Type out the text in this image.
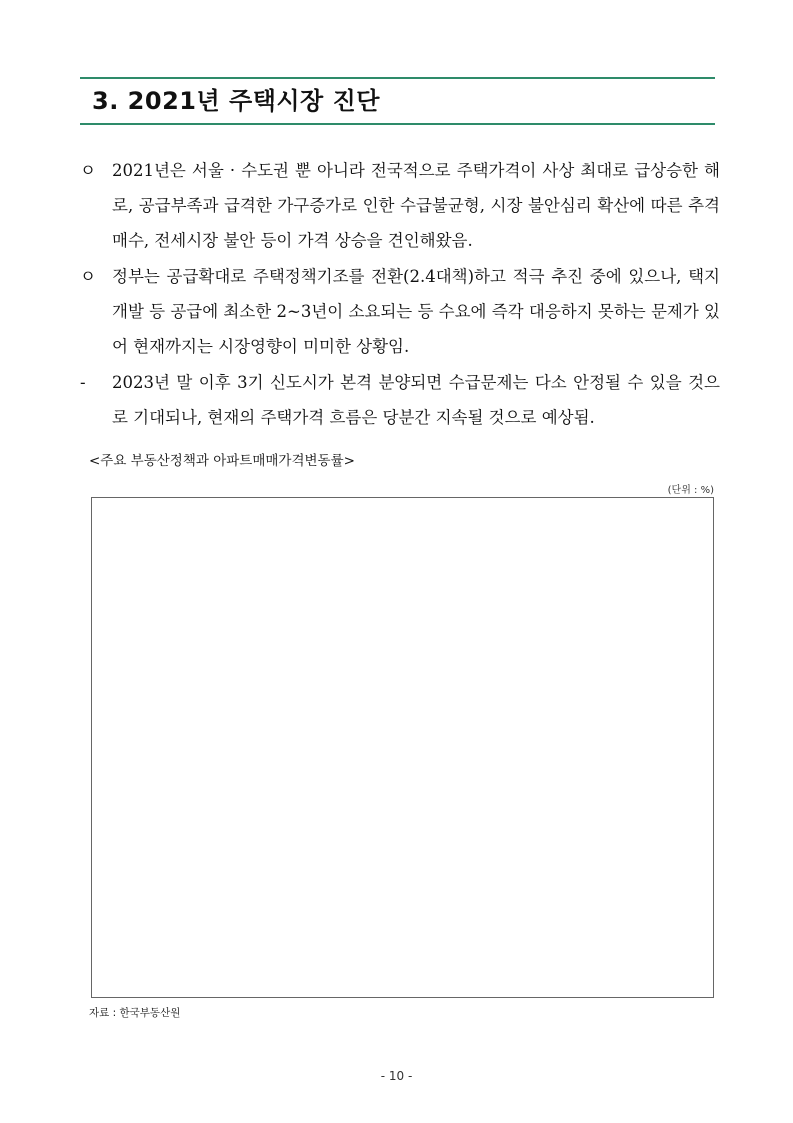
3. 2021년 주택시장 진단
ㅇ 2021년은 서울 · 수도권 뿐 아니라 전국적으로 주택가격이 사상 최대로 급상승한 해로, 공급부족과 급격한 가구증가로 인한 수급불균형, 시장 불안심리 확산에 따른 추격매수, 전세시장 불안 등이 가격 상승을 견인해왔음.
ㅇ 정부는 공급확대로 주택정책기조를 전환(2.4대책)하고 적극 추진 중에 있으나, 택지개발 등 공급에 최소한 2~3년이 소요되는 등 수요에 즉각 대응하지 못하는 문제가 있어 현재까지는 시장영향이 미미한 상황임.
-	2023년 말 이후 3기 신도시가 본격 분양되면 수급문제는 다소 안정될 수 있을 것으로 기대되나, 현재의 주택가격 흐름은 당분간 지속될 것으로 예상됨.
<주요 부동산정책과 아파트매매가격변동률>
(단위 : %)
자료 : 한국부동산원
- 10 -
